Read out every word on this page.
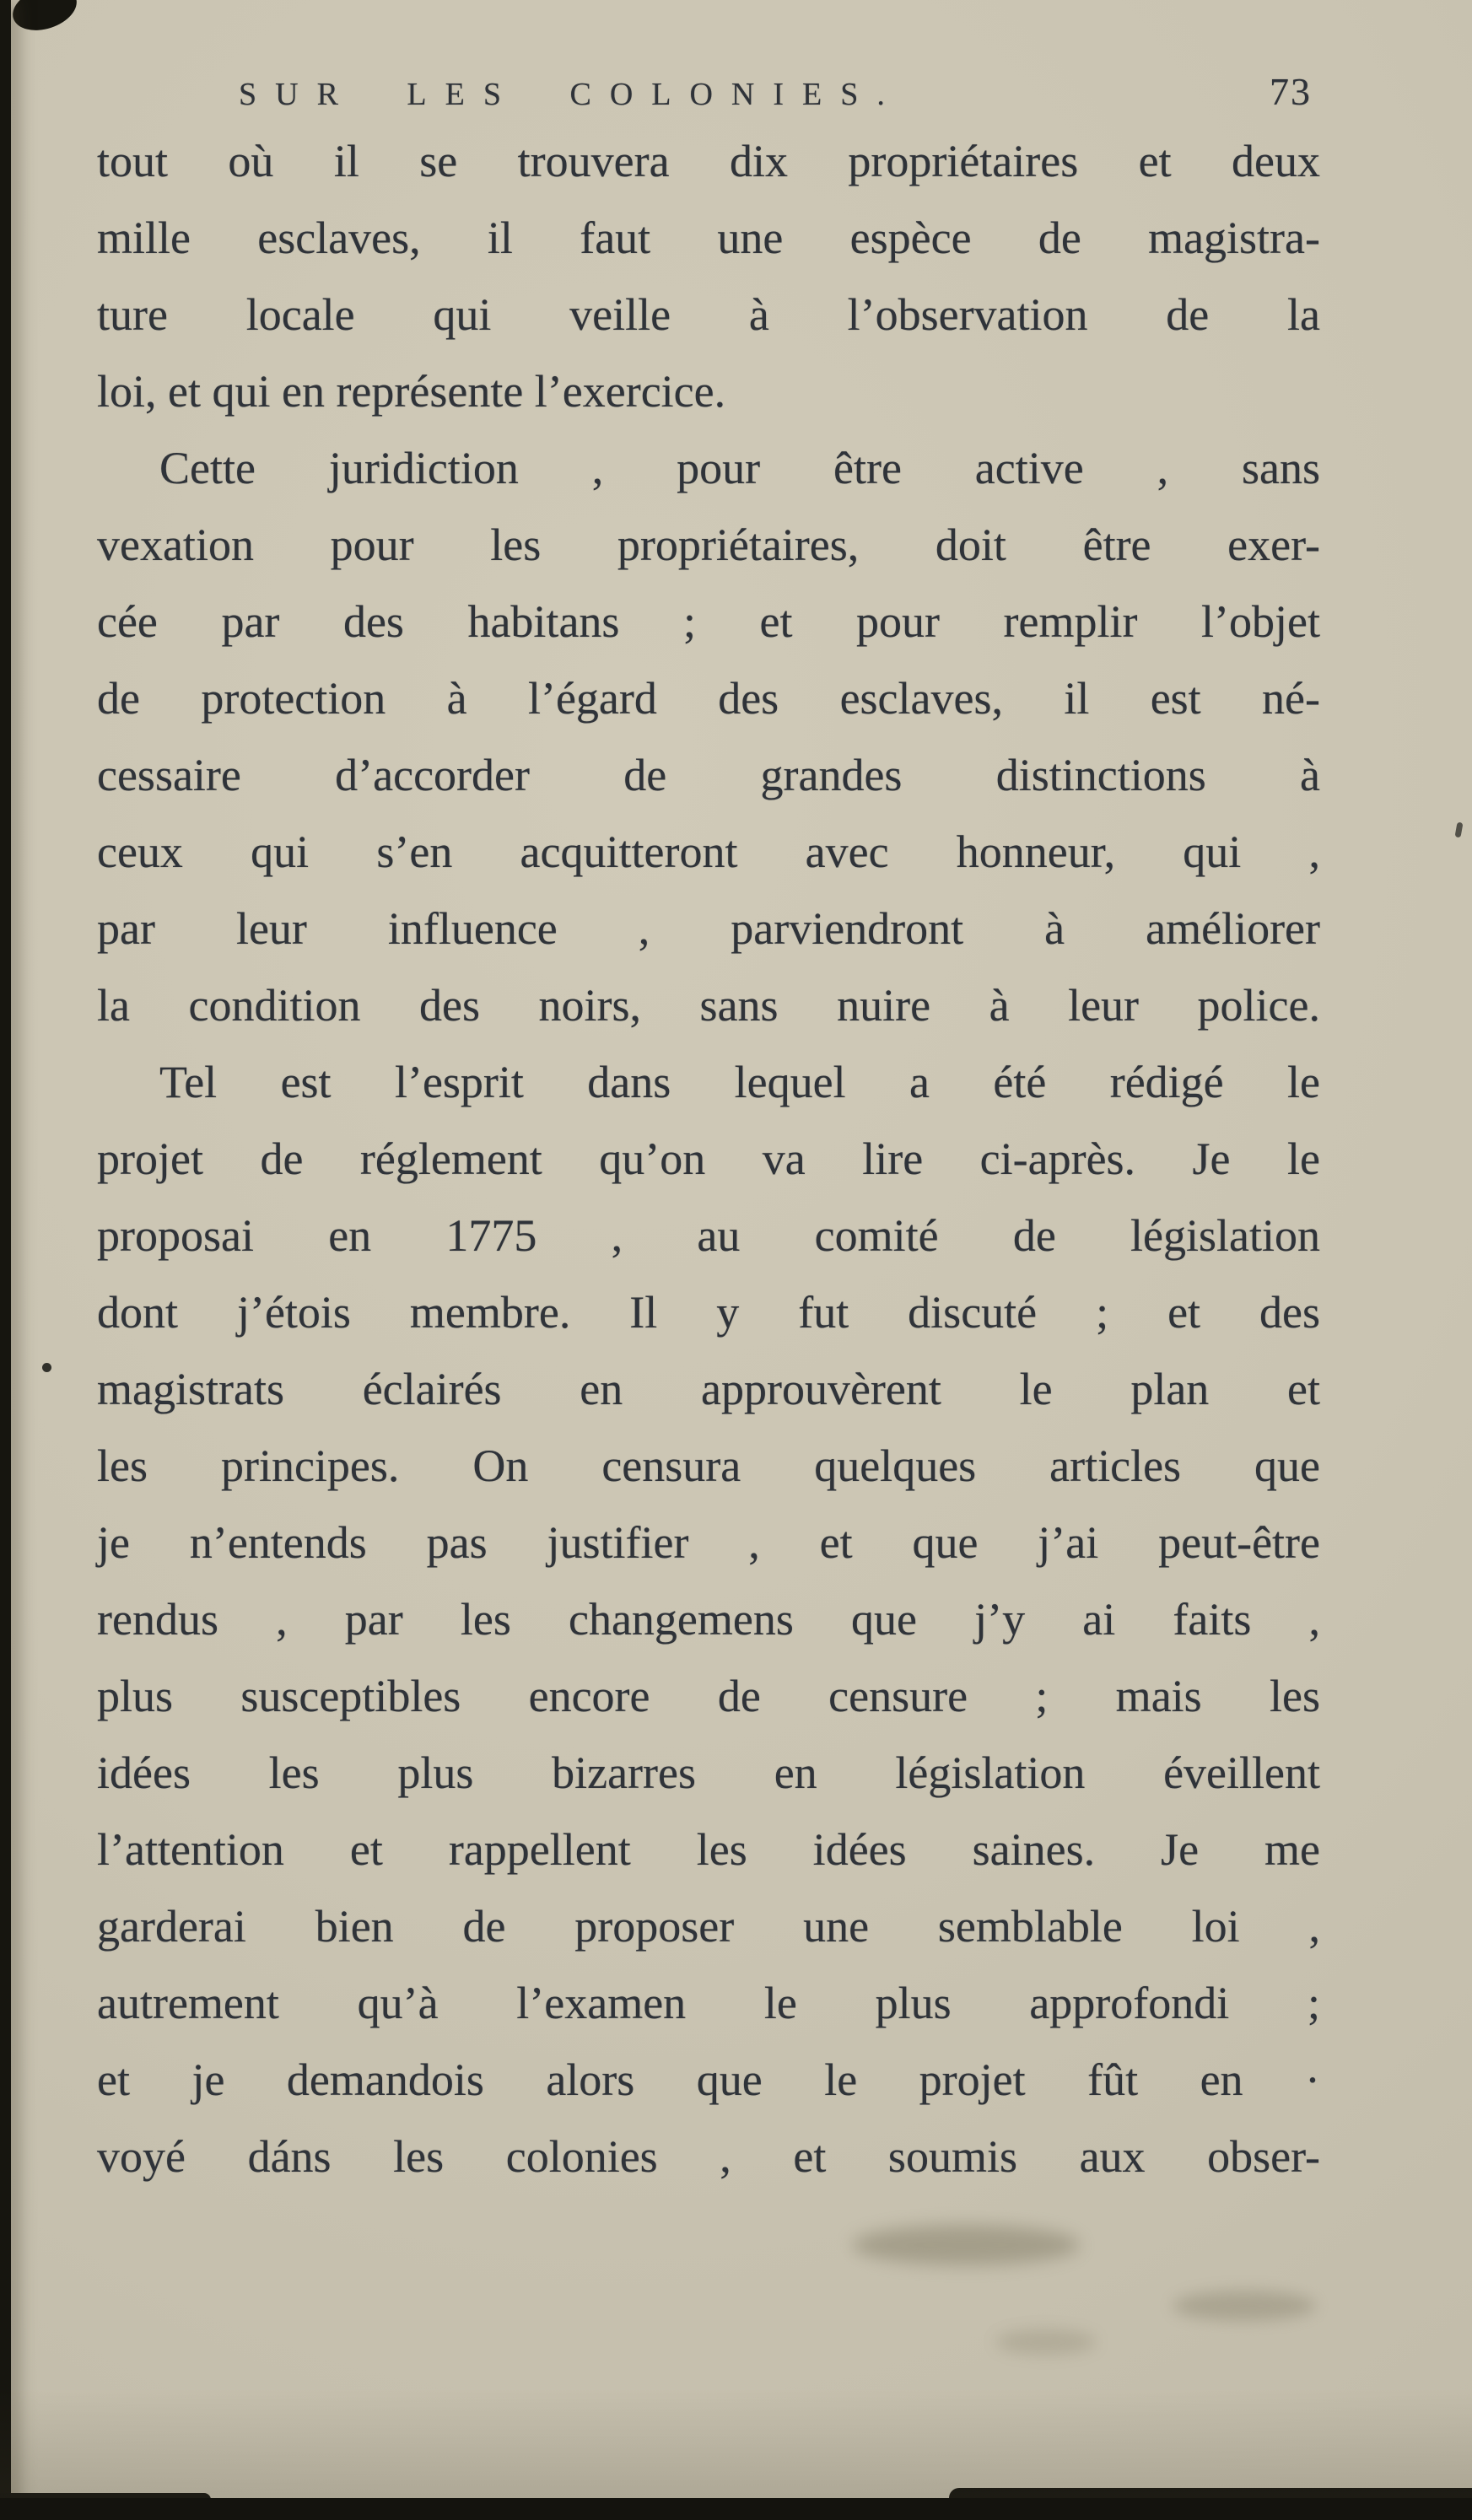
SUR LES COLONIES.	73
tout où il se trouvera dix propriétaires et deux
mille esclaves, il faut une espèce de magistra-
ture locale qui veille à l’observation de la
loi, et qui en représente l’exercice.
Cette juridiction , pour être active , sans
vexation pour les propriétaires, doit être exer-
cée par des habitans ; et pour remplir l’objet
de protection à l’égard des esclaves, il est né-
cessaire d’accorder de grandes distinctions à
ceux qui s’en acquitteront avec honneur, qui ,
par leur influence , parviendront à améliorer
la condition des noirs, sans nuire à leur police.
Tel est l’esprit dans lequel a été rédigé le
projet de réglement qu’on va lire ci-après. Je le
proposai en 1775 , au comité de législation
dont j’étois membre. Il y fut discuté ; et des
magistrats éclairés en approuvèrent le plan et
les principes. On censura quelques articles que
je n’entends pas justifier , et que j’ai peut-être
rendus , par les changemens que j’y ai faits ,
plus susceptibles encore de censure ; mais les
idées les plus bizarres en législation éveillent
l’attention et rappellent les idées saines. Je me
garderai bien de proposer une semblable loi ,
autrement qu’à l’examen le plus approfondi ;
et je demandois alors que le projet fût en ·
voyé dáns les colonies , et soumis aux obser-
